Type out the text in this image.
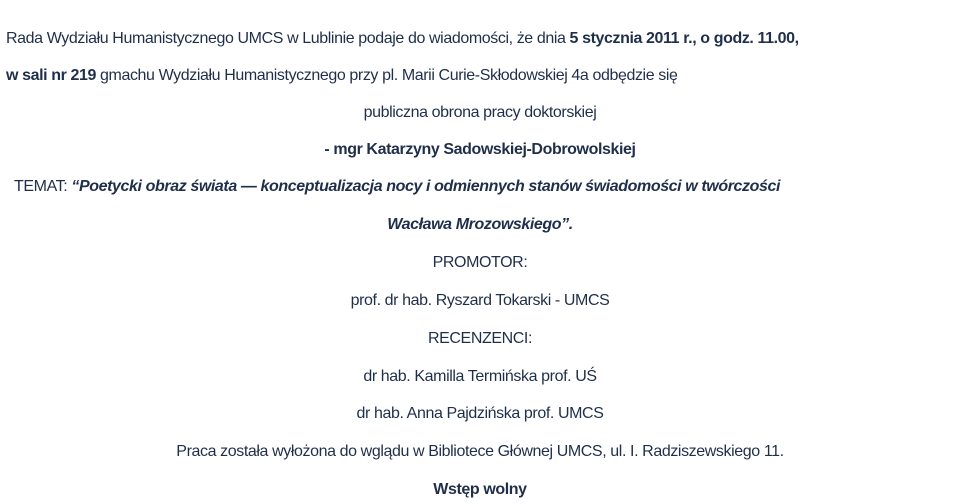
Rada Wydziału Humanistycznego UMCS w Lublinie podaje do wiadomości, że dnia 5 stycznia 2011 r., o godz. 11.00,
w sali nr 219 gmachu Wydziału Humanistycznego przy pl. Marii Curie-Skłodowskiej 4a odbędzie się
publiczna obrona pracy doktorskiej
- mgr Katarzyny Sadowskiej-Dobrowolskiej
TEMAT: “Poetycki obraz świata — konceptualizacja nocy i odmiennych stanów świadomości w twórczości
Wacława Mrozowskiego”.
PROMOTOR:
prof. dr hab. Ryszard Tokarski - UMCS
RECENZENCI:
dr hab. Kamilla Termińska prof. UŚ
dr hab. Anna Pajdzińska prof. UMCS
Praca została wyłożona do wglądu w Bibliotece Głównej UMCS, ul. I. Radziszewskiego 11.
Wstęp wolny
